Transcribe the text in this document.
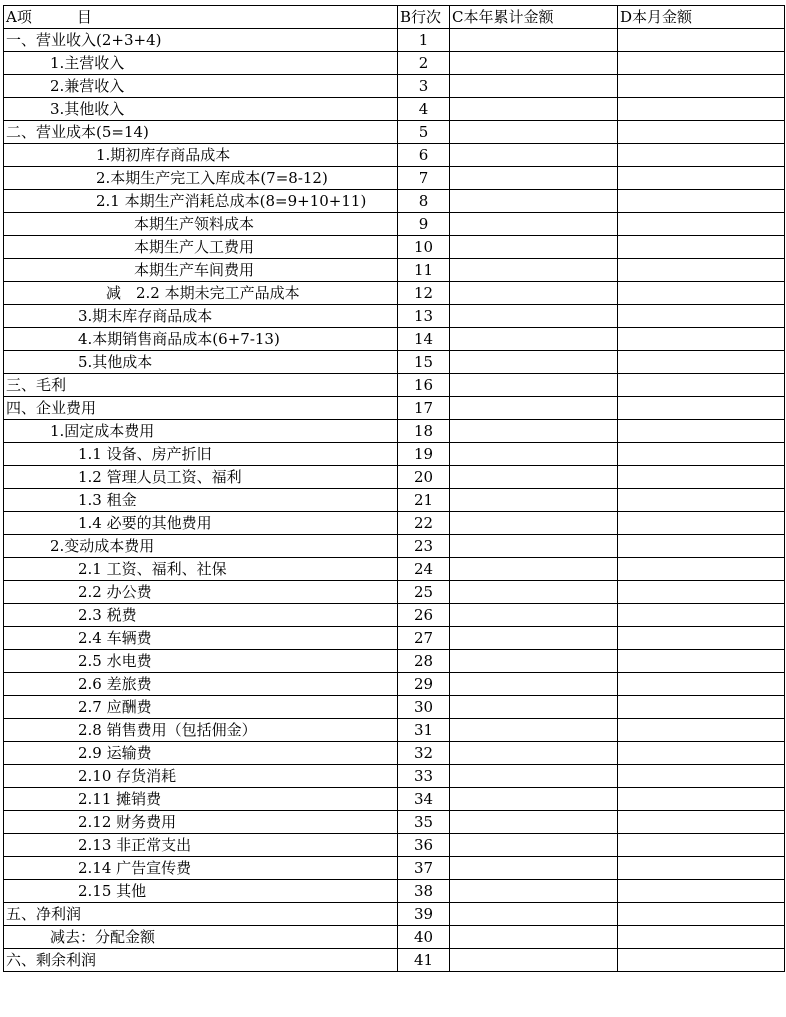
A项　　　目	B行次	C本年累计金额	D本月金额
一、营业收入(2+3+4)	1		
1.主营收入	2		
2.兼营收入	3		
3.其他收入	4		
二、营业成本(5=14)	5		
1.期初库存商品成本	6		
2.本期生产完工入库成本(7=8-12)	7		
2.1 本期生产消耗总成本(8=9+10+11)	8		
本期生产领料成本	9		
本期生产人工费用	10		
本期生产车间费用	11		
减　2.2 本期未完工产品成本	12		
3.期末库存商品成本	13		
4.本期销售商品成本(6+7-13)	14		
5.其他成本	15		
三、毛利	16		
四、企业费用	17		
1.固定成本费用	18		
1.1 设备、房产折旧	19		
1.2 管理人员工资、福利	20		
1.3 租金	21		
1.4 必要的其他费用	22		
2.变动成本费用	23		
2.1 工资、福利、社保	24		
2.2 办公费	25		
2.3 税费	26		
2.4 车辆费	27		
2.5 水电费	28		
2.6 差旅费	29		
2.7 应酬费	30		
2.8 销售费用（包括佣金）	31		
2.9 运输费	32		
2.10 存货消耗	33		
2.11 摊销费	34		
2.12 财务费用	35		
2.13 非正常支出	36		
2.14 广告宣传费	37		
2.15 其他	38		
五、净利润	39		
减去：分配金额	40		
六、剩余利润	41		
